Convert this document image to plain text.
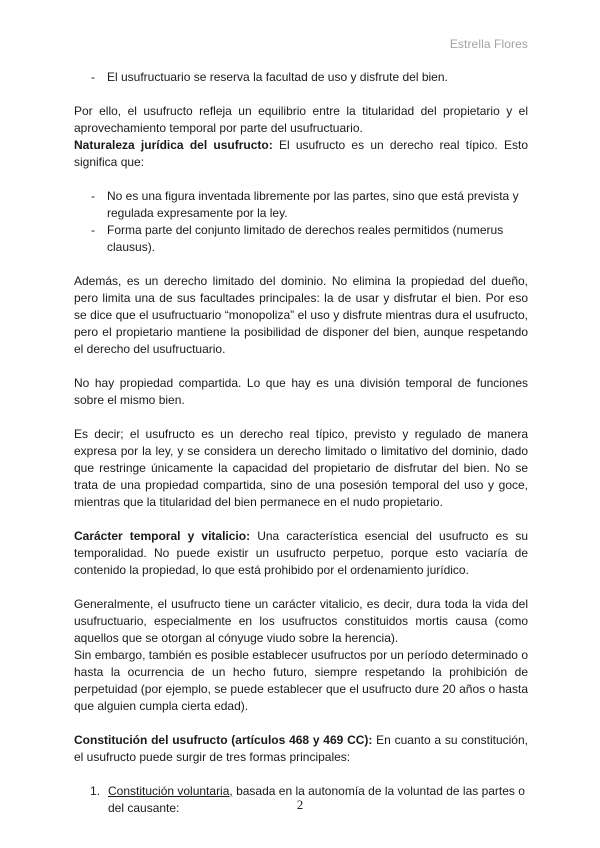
Estrella Flores

- El usufructuario se reserva la facultad de uso y disfrute del bien.

Por ello, el usufructo refleja un equilibrio entre la titularidad del propietario y el aprovechamiento temporal por parte del usufructuario.

Naturaleza jurídica del usufructo: El usufructo es un derecho real típico. Esto significa que:

- No es una figura inventada libremente por las partes, sino que está prevista y regulada expresamente por la ley.

- Forma parte del conjunto limitado de derechos reales permitidos (numerus clausus).

Además, es un derecho limitado del dominio. No elimina la propiedad del dueño, pero limita una de sus facultades principales: la de usar y disfrutar el bien. Por eso se dice que el usufructuario “monopoliza” el uso y disfrute mientras dura el usufructo, pero el propietario mantiene la posibilidad de disponer del bien, aunque respetando el derecho del usufructuario.

No hay propiedad compartida. Lo que hay es una división temporal de funciones sobre el mismo bien.

Es decir; el usufructo es un derecho real típico, previsto y regulado de manera expresa por la ley, y se considera un derecho limitado o limitativo del dominio, dado que restringe únicamente la capacidad del propietario de disfrutar del bien. No se trata de una propiedad compartida, sino de una posesión temporal del uso y goce, mientras que la titularidad del bien permanece en el nudo propietario.

Carácter temporal y vitalicio: Una característica esencial del usufructo es su temporalidad. No puede existir un usufructo perpetuo, porque esto vaciaría de contenido la propiedad, lo que está prohibido por el ordenamiento jurídico.

Generalmente, el usufructo tiene un carácter vitalicio, es decir, dura toda la vida del usufructuario, especialmente en los usufructos constituidos mortis causa (como aquellos que se otorgan al cónyuge viudo sobre la herencia).

Sin embargo, también es posible establecer usufructos por un período determinado o hasta la ocurrencia de un hecho futuro, siempre respetando la prohibición de perpetuidad (por ejemplo, se puede establecer que el usufructo dure 20 años o hasta que alguien cumpla cierta edad).

Constitución del usufructo (artículos 468 y 469 CC): En cuanto a su constitución, el usufructo puede surgir de tres formas principales:

1. Constitución voluntaria, basada en la autonomía de la voluntad de las partes o del causante:	2
